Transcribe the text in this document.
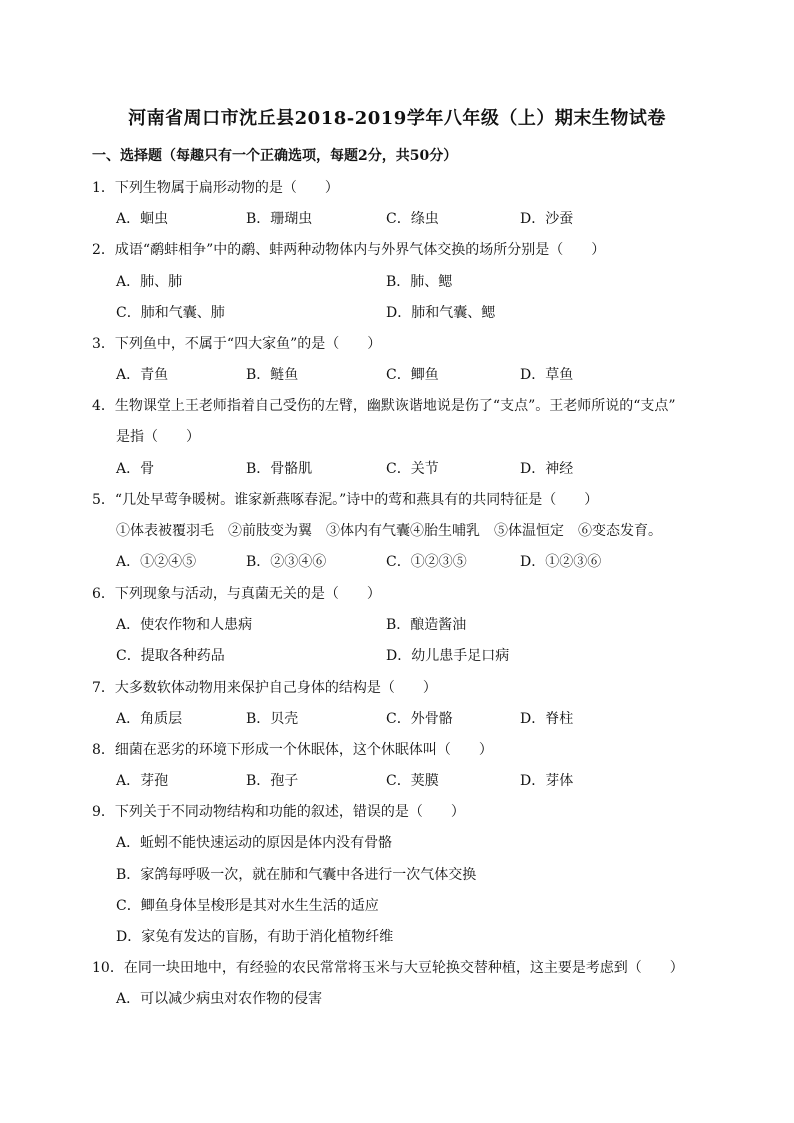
河南省周口市沈丘县2018-2019学年八年级（上）期末生物试卷
一、选择题（每趣只有一个正确选项，每题2分，共50分）
1．下列生物属于扁形动物的是（　　）
A．蛔虫	B．珊瑚虫	C．绦虫	D．沙蚕
2．成语“鹬蚌相争”中的鹬、蚌两种动物体内与外界气体交换的场所分别是（　　）
A．肺、肺	B．肺、鳃
C．肺和气囊、肺	D．肺和气囊、鳃
3．下列鱼中，不属于“四大家鱼”的是（　　）
A．青鱼	B．鲢鱼	C．鲫鱼	D．草鱼
4．生物课堂上王老师指着自己受伤的左臂，幽默诙谐地说是伤了“支点”。王老师所说的“支点”
是指（　　）
A．骨	B．骨骼肌	C．关节	D．神经
5．“几处早莺争暖树。谁家新燕啄春泥。”诗中的莺和燕具有的共同特征是（　　）
①体表被覆羽毛　②前肢变为翼　③体内有气囊④胎生哺乳　⑤体温恒定　⑥变态发育。
A．①②④⑤	B．②③④⑥	C．①②③⑤	D．①②③⑥
6．下列现象与活动，与真菌无关的是（　　）
A．使农作物和人患病	B．酿造酱油
C．提取各种药品	D．幼儿患手足口病
7．大多数软体动物用来保护自己身体的结构是（　　）
A．角质层	B．贝壳	C．外骨骼	D．脊柱
8．细菌在恶劣的环境下形成一个休眠体，这个休眠体叫（　　）
A．芽孢	B．孢子	C．荚膜	D．芽体
9．下列关于不同动物结构和功能的叙述，错误的是（　　）
A．蚯蚓不能快速运动的原因是体内没有骨骼
B．家鸽每呼吸一次，就在肺和气囊中各进行一次气体交换
C．鲫鱼身体呈梭形是其对水生生活的适应
D．家兔有发达的盲肠，有助于消化植物纤维
10．在同一块田地中，有经验的农民常常将玉米与大豆轮换交替种植，这主要是考虑到（　　）
A．可以减少病虫对农作物的侵害
